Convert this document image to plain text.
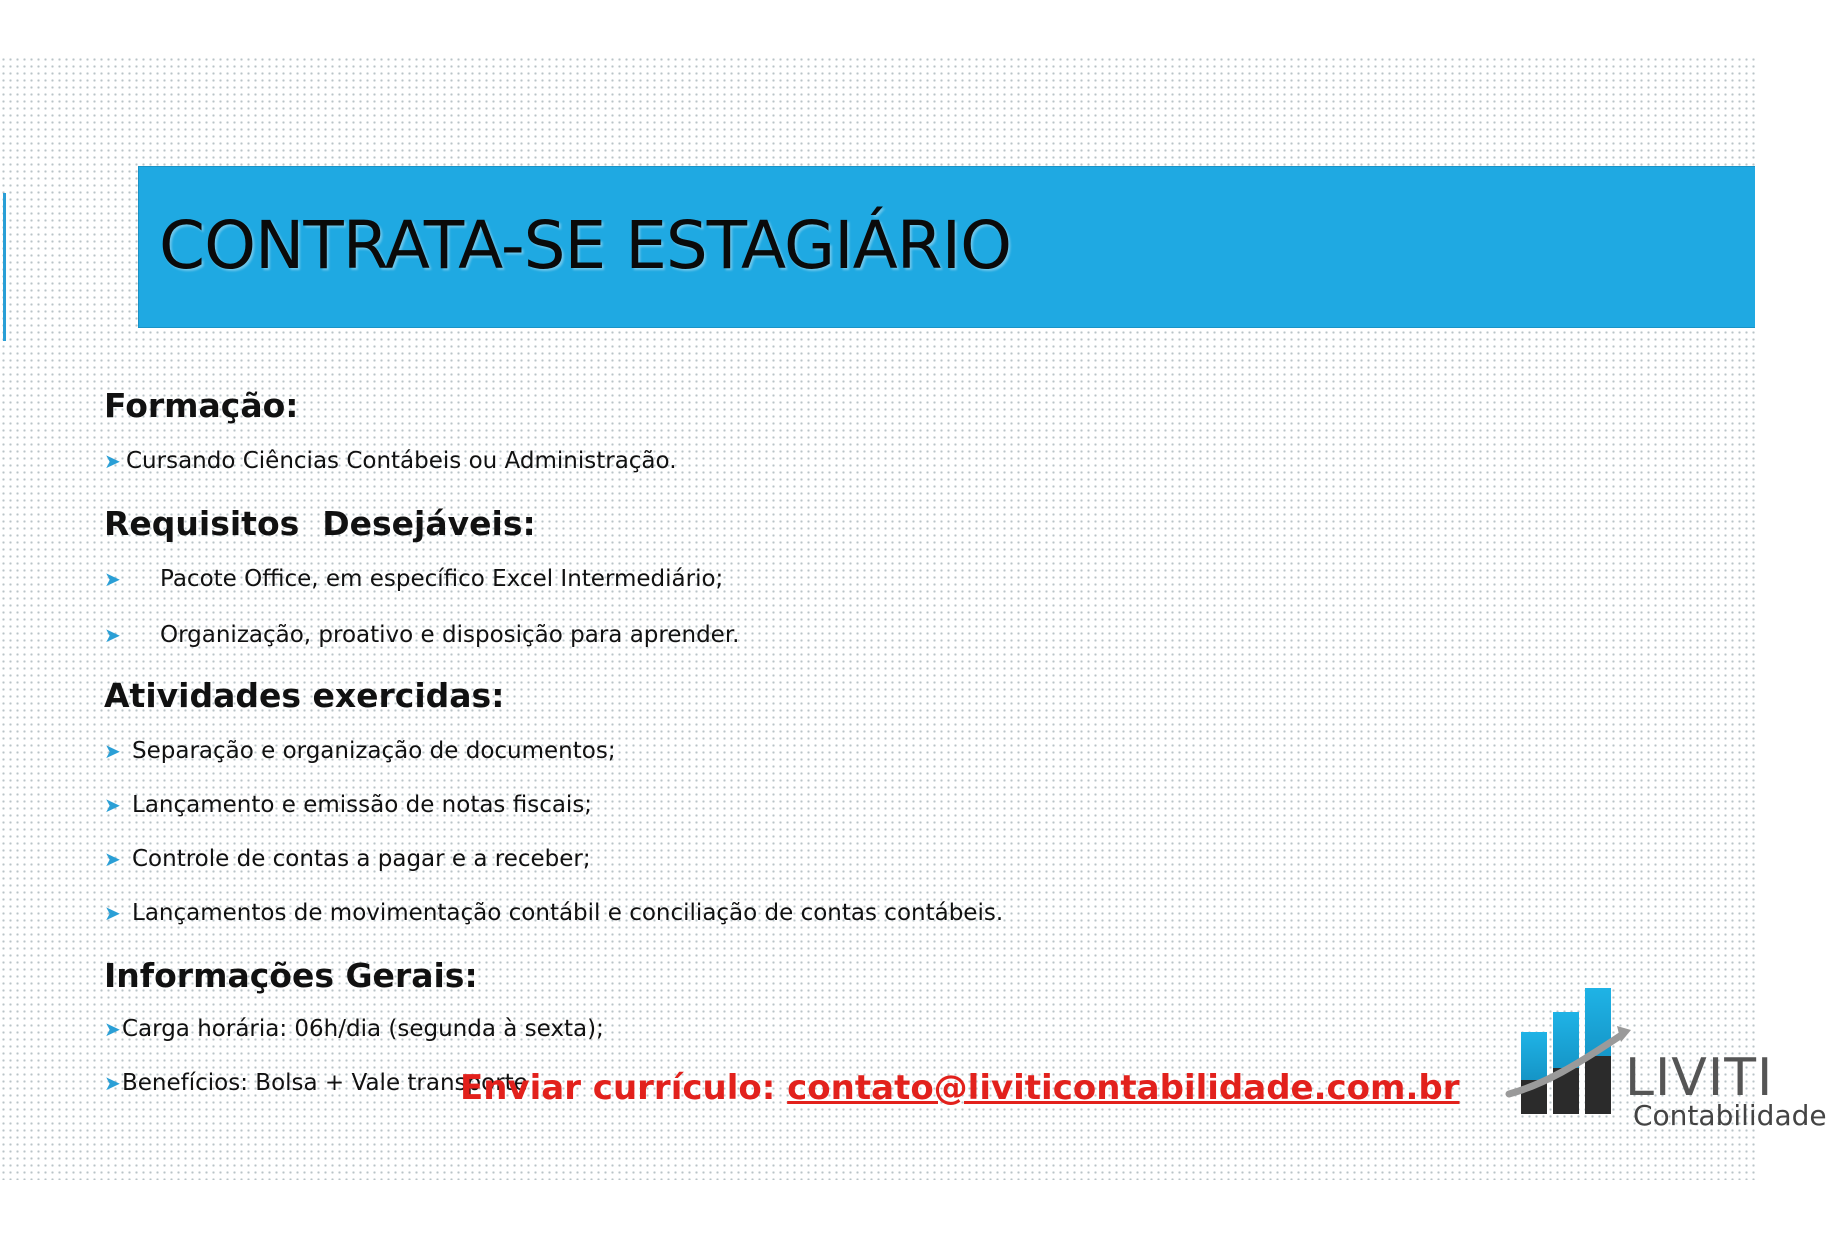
CONTRATA-SE ESTAGIÁRIO
Formação:
➤ Cursando Ciências Contábeis ou Administração.
Requisitos  Desejáveis:
➤	Pacote Office, em específico Excel Intermediário;
➤	Organização, proativo e disposição para aprender.
Atividades exercidas:
➤ Separação e organização de documentos;
➤ Lançamento e emissão de notas fiscais;
➤ Controle de contas a pagar e a receber;
➤ Lançamentos de movimentação contábil e conciliação de contas contábeis.
Informações Gerais:
➤ Carga horária: 06h/dia (segunda à sexta);
➤ Benefícios: Bolsa + Vale transporte	LIVITI
Contabilidade
Enviar currículo: contato@liviticontabilidade.com.br
